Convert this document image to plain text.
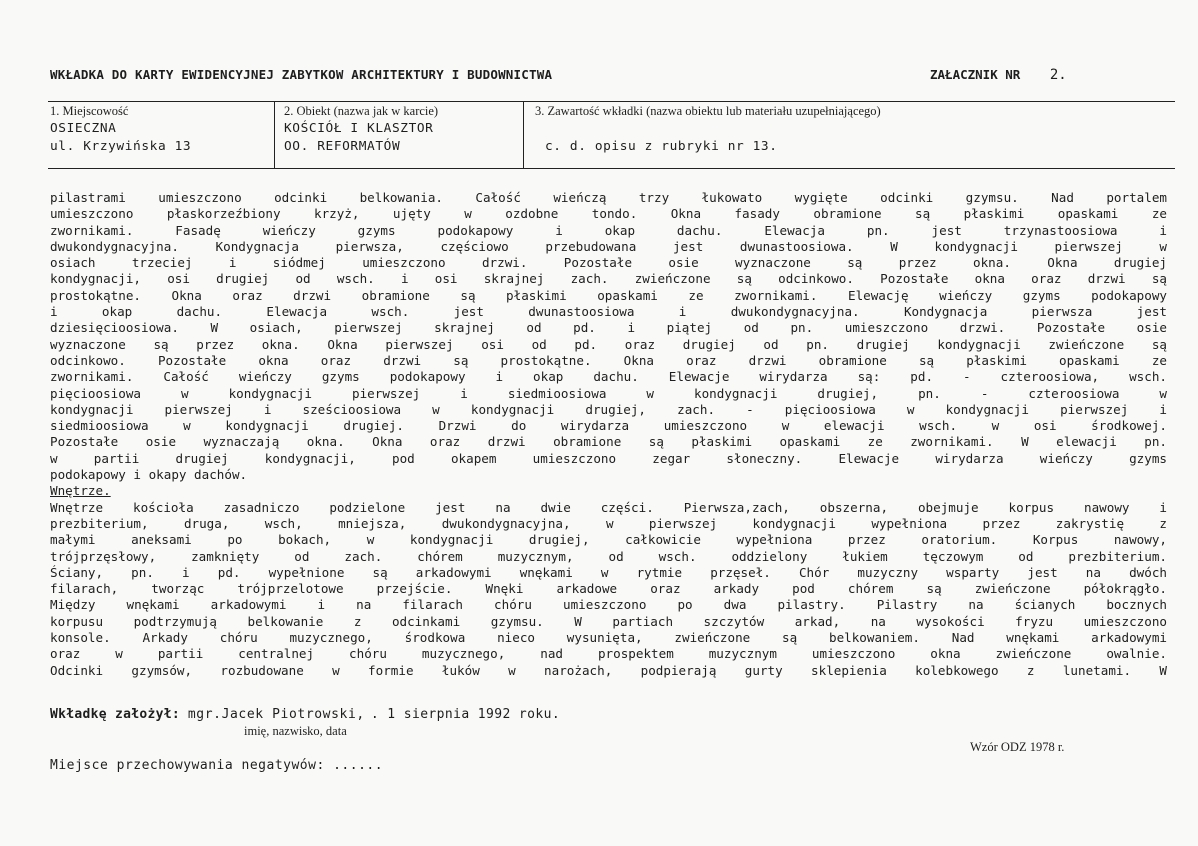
WKŁADKA DO KARTY EWIDENCYJNEJ ZABYTKOW ARCHITEKTURY I BUDOWNICTWA	ZAŁACZNIK NR 2.
1. Miejscowość
OSIECZNA
ul. Krzywińska 13
2. Obiekt (nazwa jak w karcie)
KOŚCIÓŁ I KLASZTOR
OO. REFORMATÓW
3. Zawartość wkładki (nazwa obiektu lub materiału uzupełniającego)
c. d. opisu z rubryki nr 13.
pilastrami umieszczono odcinki belkowania. Całość wieńczą trzy łukowato wygięte odcinki gzymsu. Nad portalem
umieszczono płaskorzeźbiony krzyż, ujęty w ozdobne tondo. Okna fasady obramione są płaskimi opaskami ze
zwornikami. Fasadę wieńczy gzyms podokapowy i okap dachu. Elewacja pn. jest trzynastoosiowa i
dwukondygnacyjna. Kondygnacja pierwsza, częściowo przebudowana jest dwunastoosiowa. W kondygnacji pierwszej w
osiach trzeciej i siódmej umieszczono drzwi. Pozostałe osie wyznaczone są przez okna. Okna drugiej
kondygnacji, osi drugiej od wsch. i osi skrajnej zach. zwieńczone są odcinkowo. Pozostałe okna oraz drzwi są
prostokątne. Okna oraz drzwi obramione są płaskimi opaskami ze zwornikami. Elewację wieńczy gzyms podokapowy
i okap dachu. Elewacja wsch. jest dwunastoosiowa i dwukondygnacyjna. Kondygnacja pierwsza jest
dziesięcioosiowa. W osiach, pierwszej skrajnej od pd. i piątej od pn. umieszczono drzwi. Pozostałe osie
wyznaczone są przez okna. Okna pierwszej osi od pd. oraz drugiej od pn. drugiej kondygnacji zwieńczone są
odcinkowo. Pozostałe okna oraz drzwi są prostokątne. Okna oraz drzwi obramione są płaskimi opaskami ze
zwornikami. Całość wieńczy gzyms podokapowy i okap dachu. Elewacje wirydarza są: pd. - czteroosiowa, wsch.
pięcioosiowa w kondygnacji pierwszej i siedmioosiowa w kondygnacji drugiej, pn. - czteroosiowa w
kondygnacji pierwszej i sześcioosiowa w kondygnacji drugiej, zach. - pięcioosiowa w kondygnacji pierwszej i
siedmioosiowa w kondygnacji drugiej. Drzwi do wirydarza umieszczono w elewacji wsch. w osi środkowej.
Pozostałe osie wyznaczają okna. Okna oraz drzwi obramione są płaskimi opaskami ze zwornikami. W elewacji pn.
w partii drugiej kondygnacji, pod okapem umieszczono zegar słoneczny. Elewacje wirydarza wieńczy gzyms
podokapowy i okapy dachów.
Wnętrze.
Wnętrze kościoła zasadniczo podzielone jest na dwie części. Pierwsza,zach, obszerna, obejmuje korpus nawowy i
prezbiterium, druga, wsch, mniejsza, dwukondygnacyjna, w pierwszej kondygnacji wypełniona przez zakrystię z
małymi aneksami po bokach, w kondygnacji drugiej, całkowicie wypełniona przez oratorium. Korpus nawowy,
trójprzęsłowy, zamknięty od zach. chórem muzycznym, od wsch. oddzielony łukiem tęczowym od prezbiterium.
Ściany, pn. i pd. wypełnione są arkadowymi wnękami w rytmie przęseł. Chór muzyczny wsparty jest na dwóch
filarach, tworząc trójprzelotowe przejście. Wnęki arkadowe oraz arkady pod chórem są zwieńczone półokrągło.
Między wnękami arkadowymi i na filarach chóru umieszczono po dwa pilastry. Pilastry na ścianych bocznych
korpusu podtrzymują belkowanie z odcinkami gzymsu. W partiach szczytów arkad, na wysokości fryzu umieszczono
konsole. Arkady chóru muzycznego, środkowa nieco wysunięta, zwieńczone są belkowaniem. Nad wnękami arkadowymi
oraz w partii centralnej chóru muzycznego, nad prospektem muzycznym umieszczono okna zwieńczone owalnie.
Odcinki gzymsów, rozbudowane w formie łuków w narożach, podpierają gurty sklepienia kolebkowego z lunetami. W
Wkładkę założył: mgr.Jacek Piotrowski, . 1 sierpnia 1992 roku.
imię, nazwisko, data
Wzór ODZ 1978 r.
Miejsce przechowywania negatywów: ......
